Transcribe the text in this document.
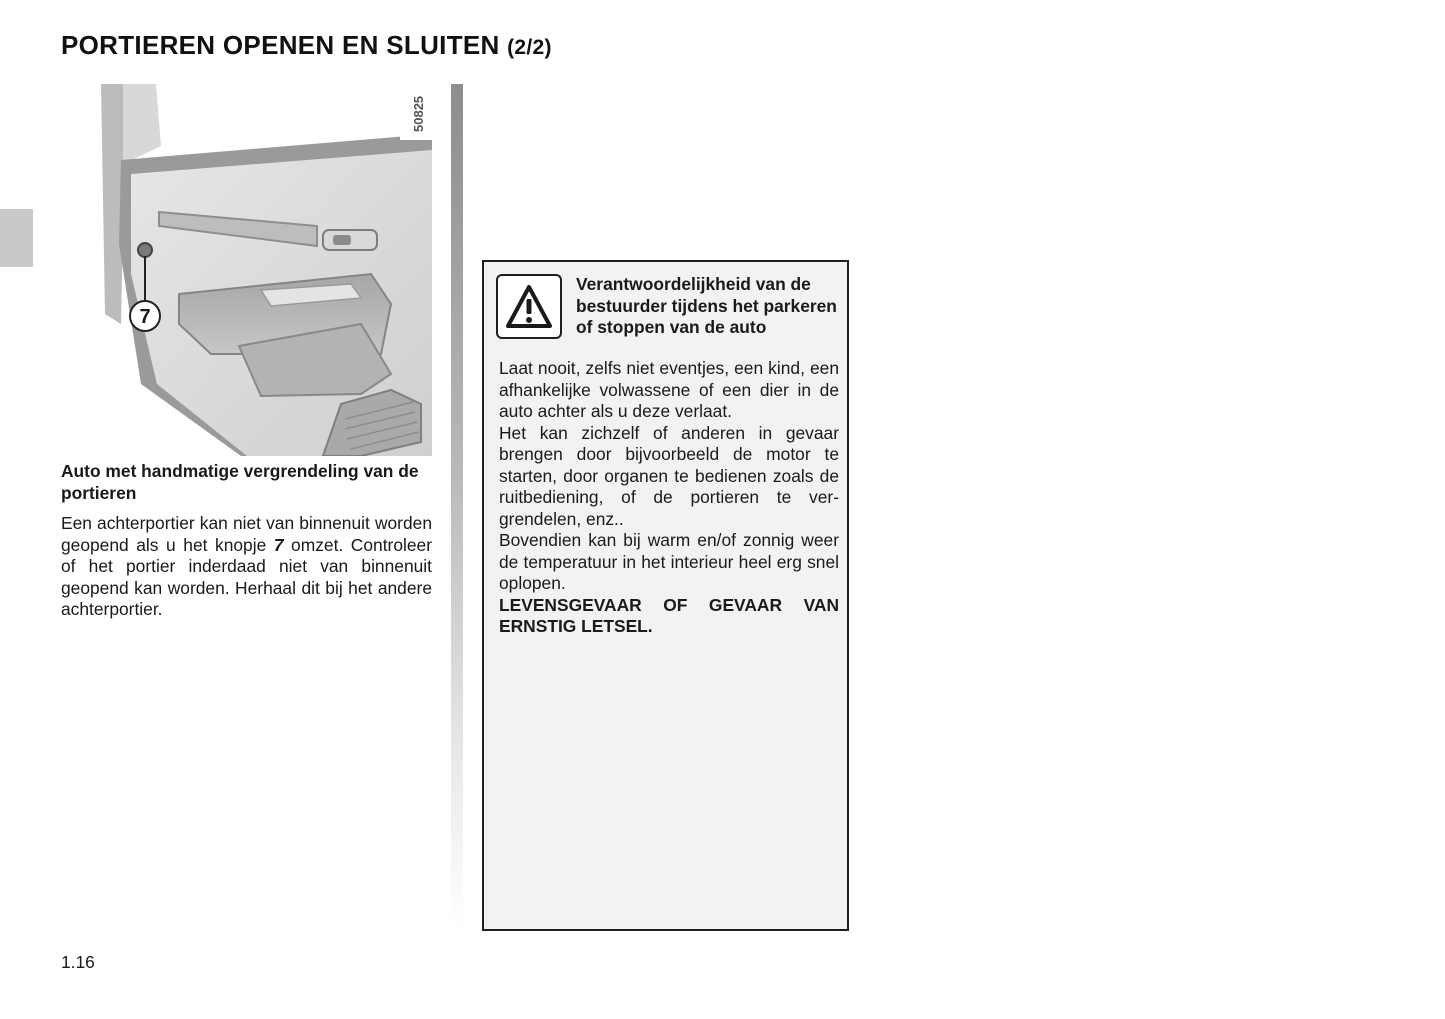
PORTIEREN OPENEN EN SLUITEN (2/2)
7
50825
Auto met handmatige vergrendeling van de portieren

Een achterportier kan niet van binnenuit worden geopend als u het knopje 7 omzet. Controleer of het portier inderdaad niet van binnenuit geopend kan worden. Herhaal dit bij het andere achterportier.

Verantwoordelijkheid van de bestuurder tijdens het parkeren of stoppen van de auto

Laat nooit, zelfs niet eventjes, een kind, een afhankelijke volwassene of een dier in de auto achter als u deze verlaat.

Het kan zichzelf of anderen in gevaar brengen door bijvoorbeeld de motor te starten, door organen te bedienen zoals de ruitbediening, of de portieren te ver-grendelen, enz..

Bovendien kan bij warm en/of zonnig weer de temperatuur in het interieur heel erg snel oplopen.

LEVENSGEVAAR OF GEVAAR VAN ERNSTIG LETSEL.

1.16
